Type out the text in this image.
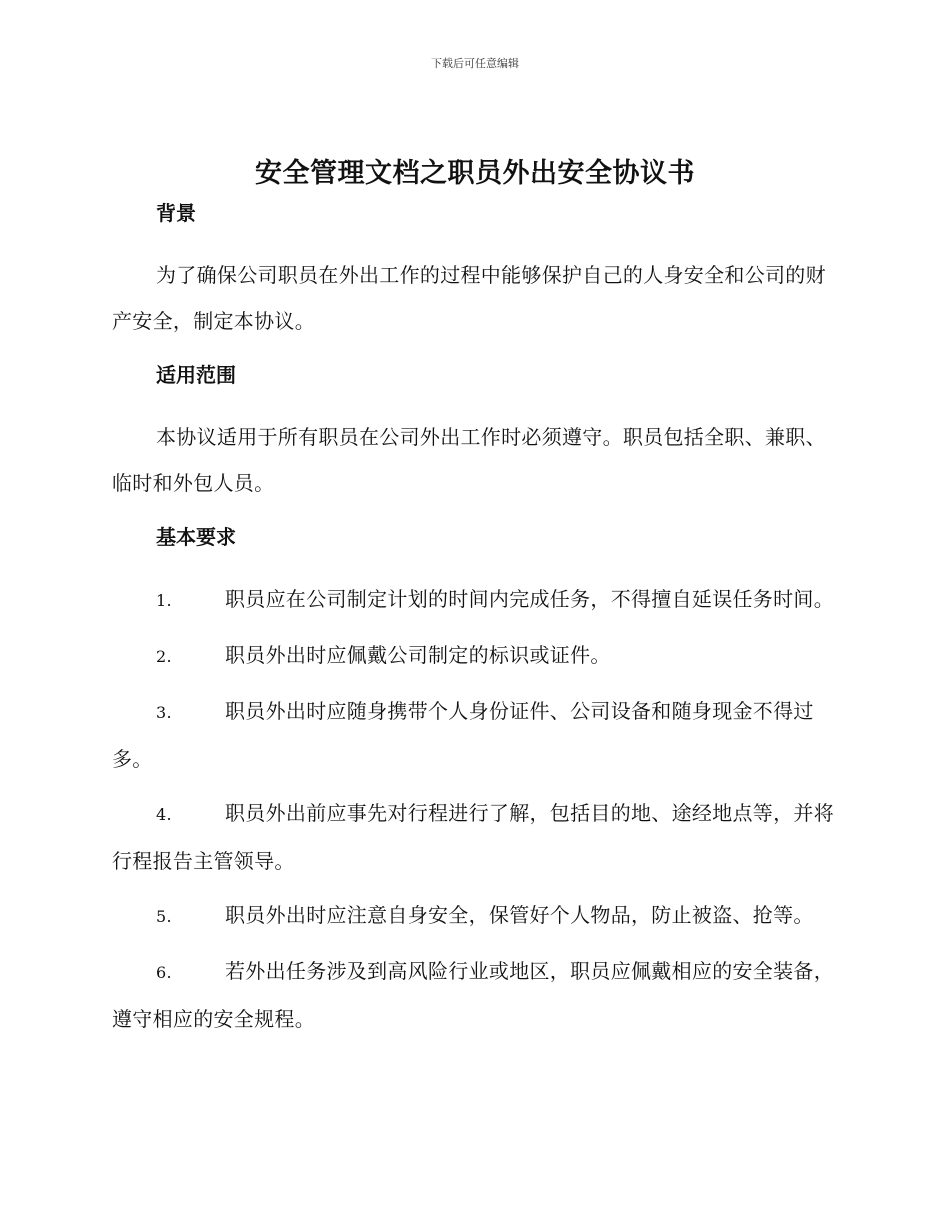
下载后可任意编辑
安全管理文档之职员外出安全协议书
背景

为了确保公司职员在外出工作的过程中能够保护自己的人身安全和公司的财产安全，制定本协议。

适用范围

本协议适用于所有职员在公司外出工作时必须遵守。职员包括全职、兼职、临时和外包人员。

基本要求

1.	职员应在公司制定计划的时间内完成任务，不得擅自延误任务时间。

2.	职员外出时应佩戴公司制定的标识或证件。

3.	职员外出时应随身携带个人身份证件、公司设备和随身现金不得过多。

4.	职员外出前应事先对行程进行了解，包括目的地、途经地点等，并将行程报告主管领导。

5.	职员外出时应注意自身安全，保管好个人物品，防止被盗、抢等。

6.	若外出任务涉及到高风险行业或地区，职员应佩戴相应的安全装备，遵守相应的安全规程。
